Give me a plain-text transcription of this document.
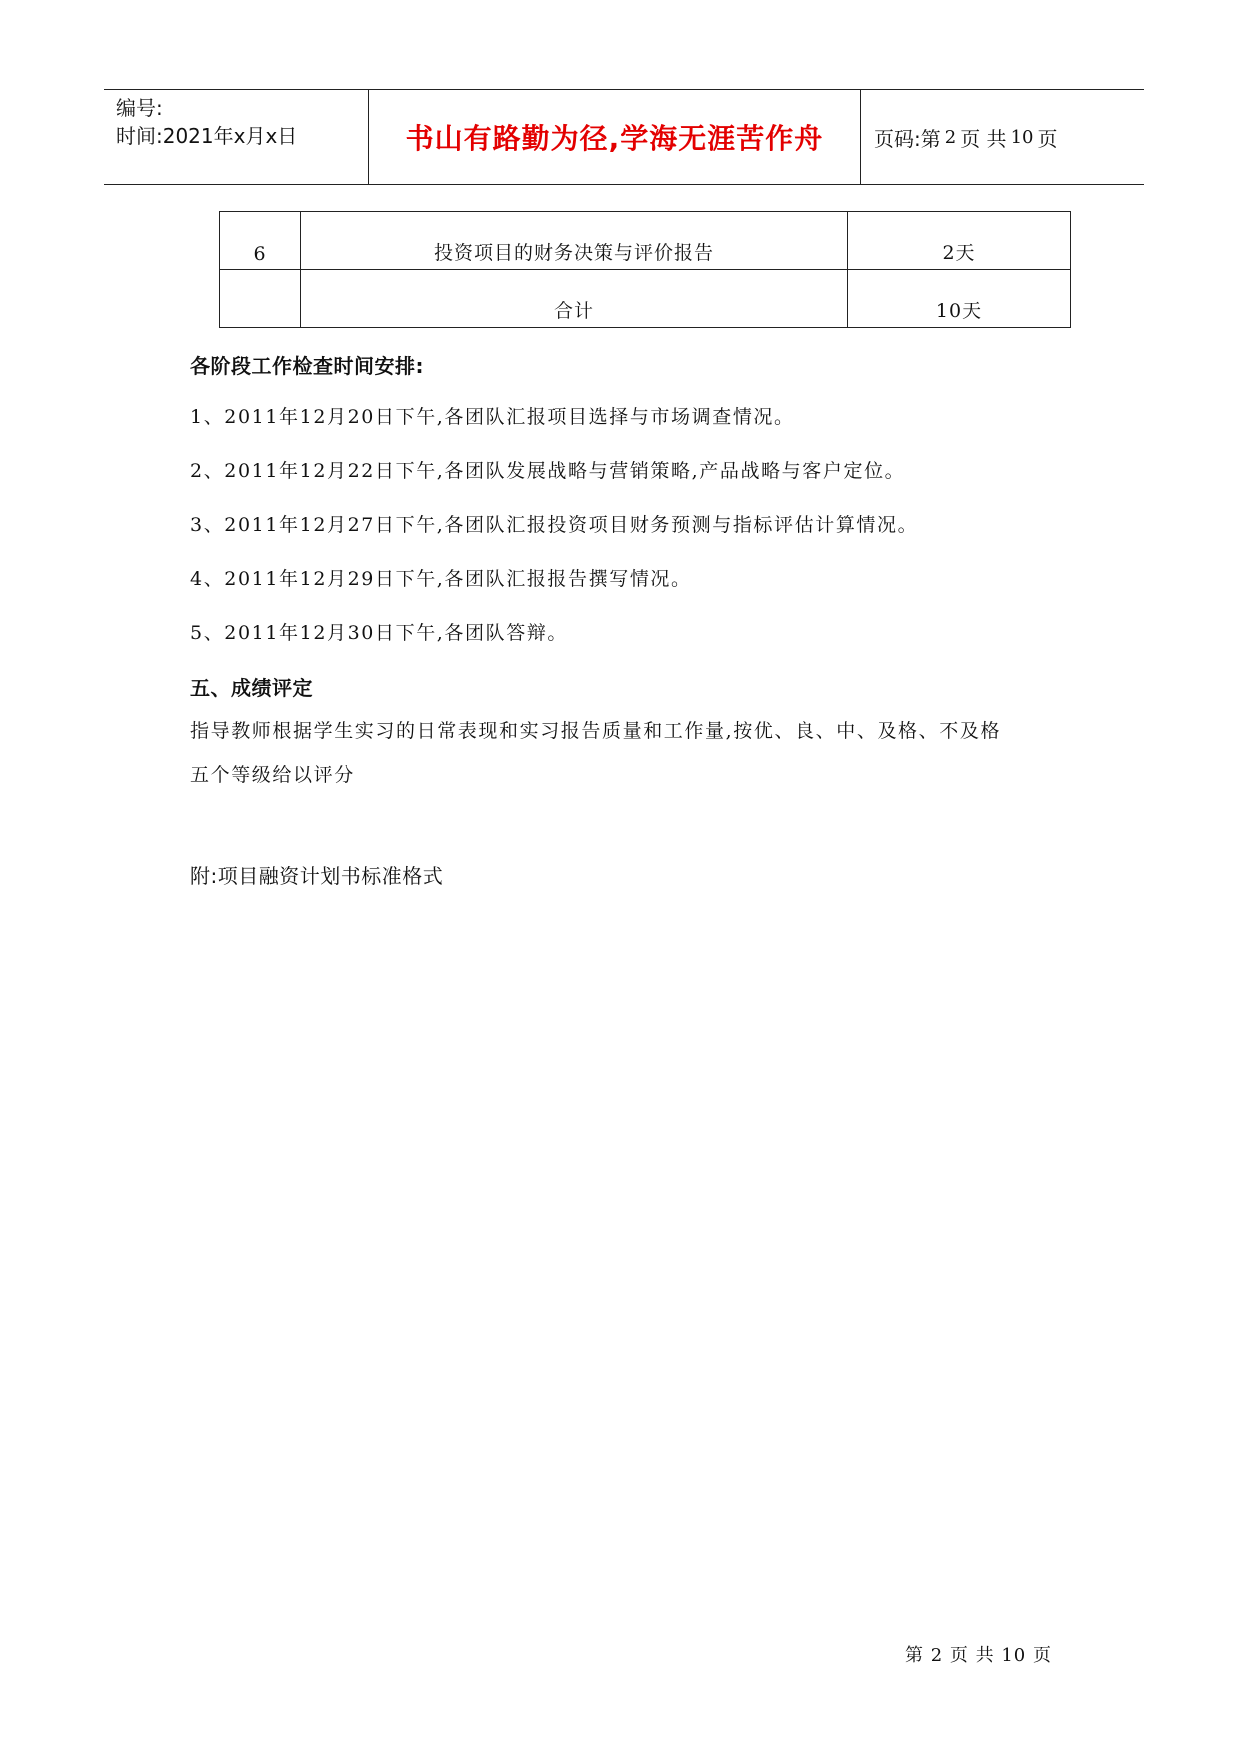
编号:
时间:2021年x月x日	书山有路勤为径,学海无涯苦作舟	页码:第 2 页 共 10 页
6	投资项目的财务决策与评价报告	2天
	合计	10天
各阶段工作检查时间安排:
1、2011年12月20日下午,各团队汇报项目选择与市场调查情况。
2、2011年12月22日下午,各团队发展战略与营销策略,产品战略与客户定位。
3、2011年12月27日下午,各团队汇报投资项目财务预测与指标评估计算情况。
4、2011年12月29日下午,各团队汇报报告撰写情况。
5、2011年12月30日下午,各团队答辩。
五、成绩评定
指导教师根据学生实习的日常表现和实习报告质量和工作量,按优、良、中、及格、不及格
五个等级给以评分
附:项目融资计划书标准格式
第 2 页 共 10 页
